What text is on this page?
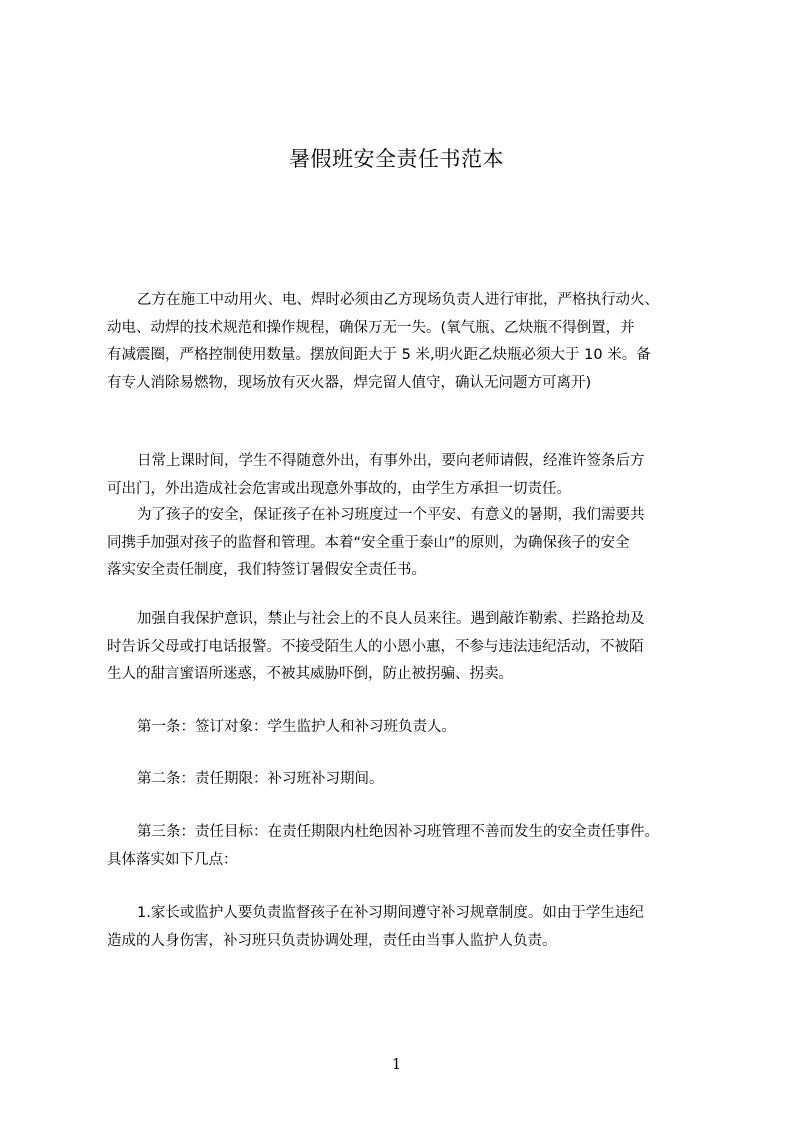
暑假班安全责任书范本

乙方在施工中动用火、电、焊时必须由乙方现场负责人进行审批，严格执行动火、
动电、动焊的技术规范和操作规程，确保万无一失。(氧气瓶、乙炔瓶不得倒置，并
有减震圈，严格控制使用数量。摆放间距大于 5 米,明火距乙炔瓶必须大于 10 米。备
有专人消除易燃物，现场放有灭火器，焊完留人值守，确认无问题方可离开)

日常上课时间，学生不得随意外出，有事外出，要向老师请假，经准许签条后方
可出门，外出造成社会危害或出现意外事故的，由学生方承担一切责任。

为了孩子的安全，保证孩子在补习班度过一个平安、有意义的暑期，我们需要共
同携手加强对孩子的监督和管理。本着“安全重于泰山”的原则，为确保孩子的安全
落实安全责任制度，我们特签订暑假安全责任书。

加强自我保护意识，禁止与社会上的不良人员来往。遇到敲诈勒索、拦路抢劫及
时告诉父母或打电话报警。不接受陌生人的小恩小惠，不参与违法违纪活动，不被陌
生人的甜言蜜语所迷惑，不被其威胁吓倒，防止被拐骗、拐卖。

第一条：签订对象：学生监护人和补习班负责人。

第二条：责任期限：补习班补习期间。

第三条：责任目标：在责任期限内杜绝因补习班管理不善而发生的安全责任事件。
具体落实如下几点：

1.家长或监护人要负责监督孩子在补习期间遵守补习规章制度。如由于学生违纪
造成的人身伤害，补习班只负责协调处理，责任由当事人监护人负责。

1
